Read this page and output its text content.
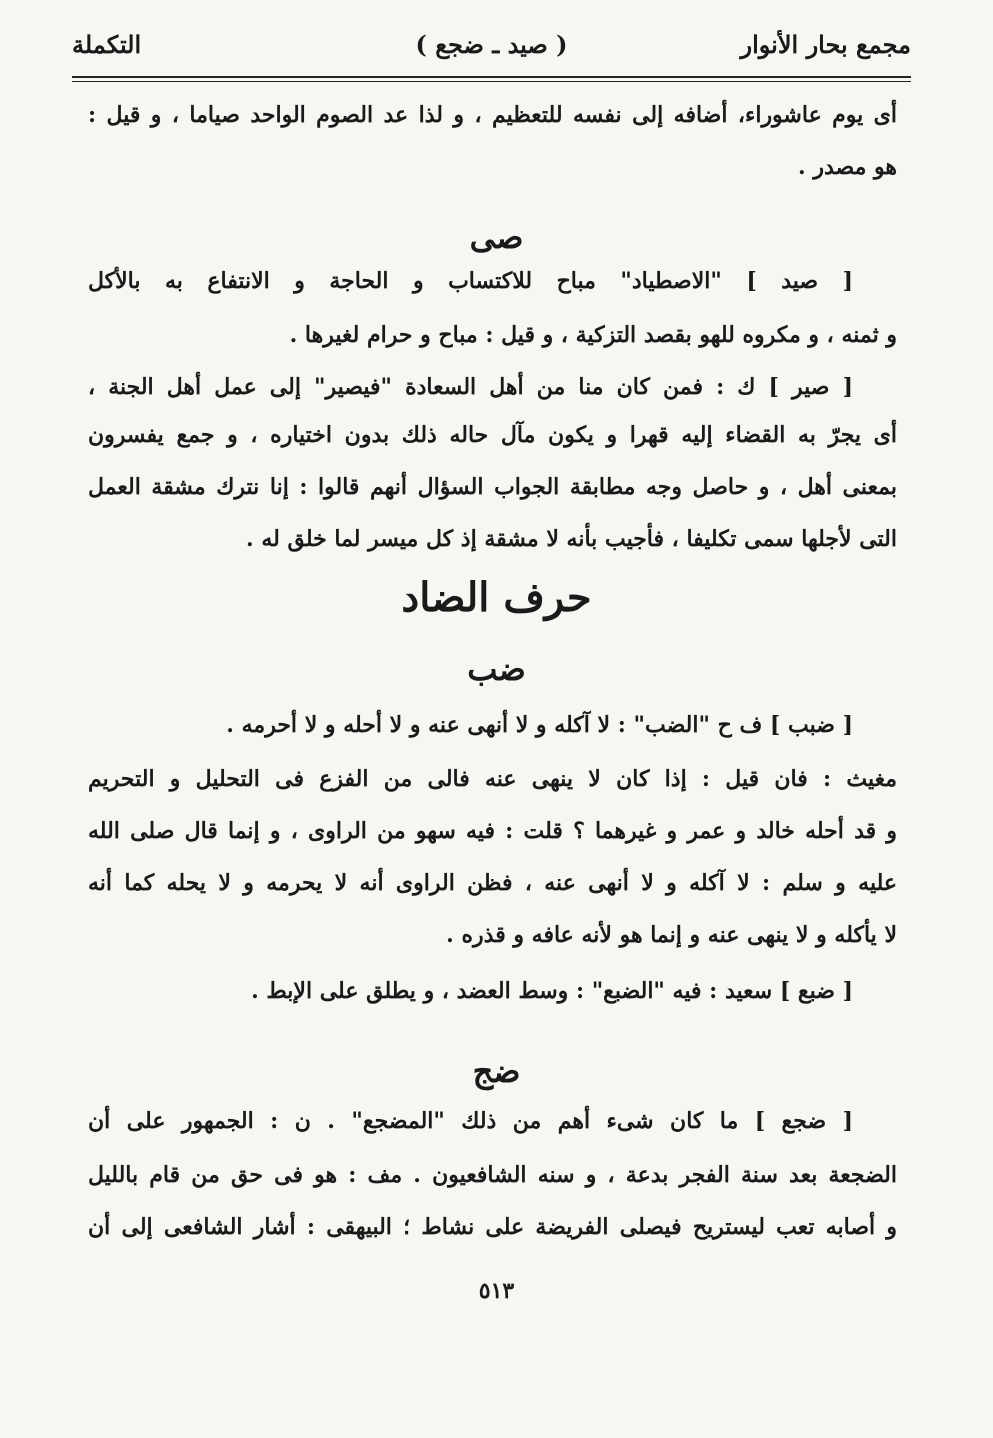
مجمع بحار الأنوار
( صيد ـ ضجع )
التكملة
أى يوم عاشوراء، أضافه إلى نفسه للتعظيم ، و لذا عد الصوم الواحد صياما ، و قيل :
هو مصدر .
صى
[ صيد ] "الاصطياد" مباح للاكتساب و الحاجة و الانتفاع به بالأكل
و ثمنه ، و مكروه للهو بقصد التزكية ، و قيل : مباح و حرام لغيرها .
[ صير ] ك : فمن كان منا من أهل السعادة "فيصير" إلى عمل أهل الجنة ،
أى يجرّ به القضاء إليه قهرا و يكون مآل حاله ذلك بدون اختياره ، و جمع يفسرون
بمعنى أهل ، و حاصل وجه مطابقة الجواب السؤال أنهم قالوا : إنا نترك مشقة العمل
التى لأجلها سمى تكليفا ، فأجيب بأنه لا مشقة إذ كل ميسر لما خلق له .
حرف الضاد
ضب
[ ضبب ] ف ح "الضب" : لا آكله و لا أنهى عنه و لا أحله و لا أحرمه .
مغيث : فان قيل : إذا كان لا ينهى عنه فالى من الفزع فى التحليل و التحريم
و قد أحله خالد و عمر و غيرهما ؟ قلت : فيه سهو من الراوى ، و إنما قال صلى الله
عليه و سلم : لا آكله و لا أنهى عنه ، فظن الراوى أنه لا يحرمه و لا يحله كما أنه
لا يأكله و لا ينهى عنه و إنما هو لأنه عافه و قذره .
[ ضبع ] سعيد : فيه "الضبع" : وسط العضد ، و يطلق على الإبط .
ضج
[ ضجع ] ما كان شىء أهم من ذلك "المضجع" . ن : الجمهور على أن
الضجعة بعد سنة الفجر بدعة ، و سنه الشافعيون . مف : هو فى حق من قام بالليل
و أصابه تعب ليستريح فيصلى الفريضة على نشاط ؛ البيهقى : أشار الشافعى إلى أن
٥١٣
